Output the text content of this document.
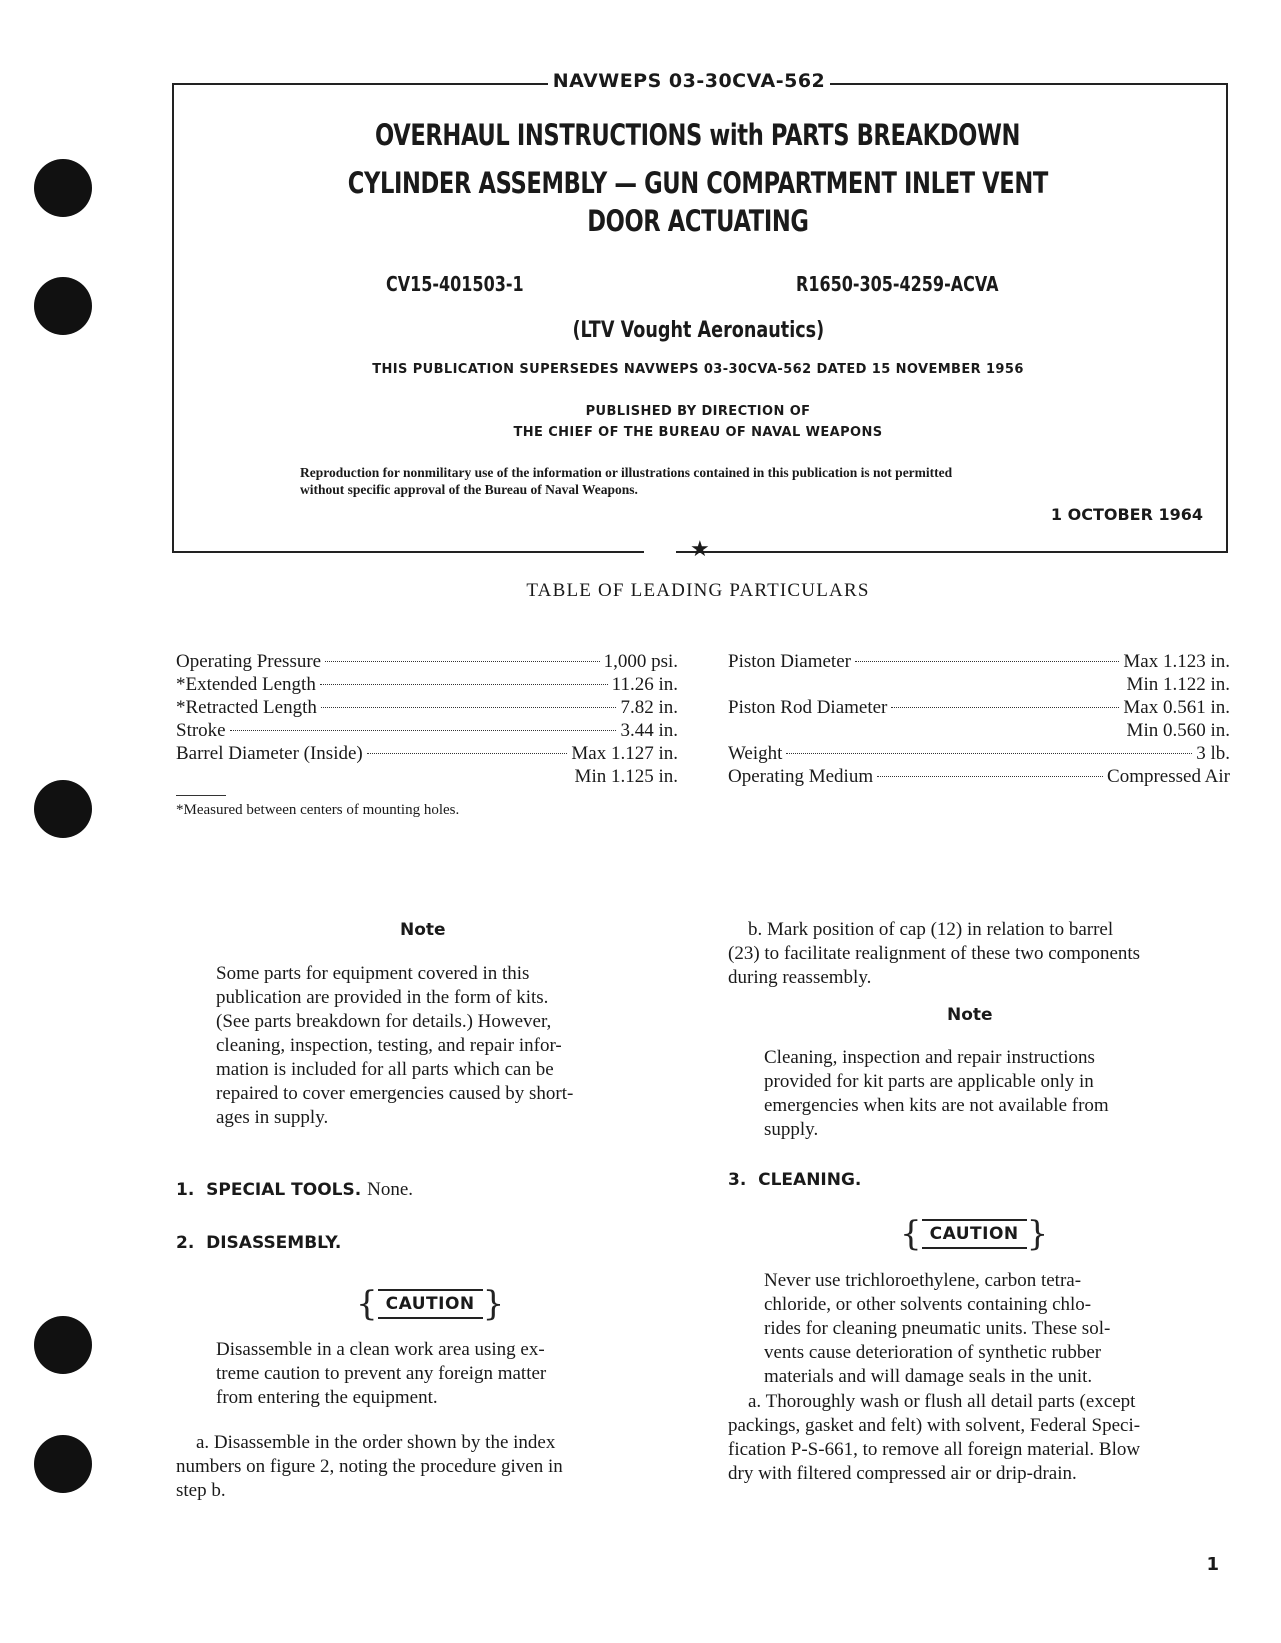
NAVWEPS 03-30CVA-562
OVERHAUL INSTRUCTIONS with PARTS BREAKDOWN
CYLINDER ASSEMBLY — GUN COMPARTMENT INLET VENT
DOOR ACTUATING
CV15-401503-1	R1650-305-4259-ACVA
(LTV Vought Aeronautics)
THIS PUBLICATION SUPERSEDES NAVWEPS 03-30CVA-562 DATED 15 NOVEMBER 1956
PUBLISHED BY DIRECTION OF
THE CHIEF OF THE BUREAU OF NAVAL WEAPONS
Reproduction for nonmilitary use of the information or illustrations contained in this publication is not permitted
without specific approval of the Bureau of Naval Weapons.
1 OCTOBER 1964
★
TABLE OF LEADING PARTICULARS
Operating Pressure	1,000 psi.
*Extended Length	11.26 in.
*Retracted Length	7.82 in.
Stroke	3.44 in.
Barrel Diameter (Inside)	Max 1.127 in.
Min 1.125 in.
*Measured between centers of mounting holes.
Piston Diameter	Max 1.123 in.
Min 1.122 in.
Piston Rod Diameter	Max 0.561 in.
Min 0.560 in.
Weight	3 lb.
Operating Medium	Compressed Air
Note
Some parts for equipment covered in this
publication are provided in the form of kits.
(See parts breakdown for details.) However,
cleaning, inspection, testing, and repair infor-
mation is included for all parts which can be
repaired to cover emergencies caused by short-
ages in supply.
1.  SPECIAL TOOLS. None.
2.  DISASSEMBLY.
{ CAUTION }
Disassemble in a clean work area using ex-
treme caution to prevent any foreign matter
from entering the equipment.
a. Disassemble in the order shown by the index
numbers on figure 2, noting the procedure given in
step b.
b. Mark position of cap (12) in relation to barrel
(23) to facilitate realignment of these two components
during reassembly.
Note
Cleaning, inspection and repair instructions
provided for kit parts are applicable only in
emergencies when kits are not available from
supply.
3.  CLEANING.
{ CAUTION }
Never use trichloroethylene, carbon tetra-
chloride, or other solvents containing chlo-
rides for cleaning pneumatic units. These sol-
vents cause deterioration of synthetic rubber
materials and will damage seals in the unit.
a. Thoroughly wash or flush all detail parts (except
packings, gasket and felt) with solvent, Federal Speci-
fication P-S-661, to remove all foreign material. Blow
dry with filtered compressed air or drip-drain.
1
